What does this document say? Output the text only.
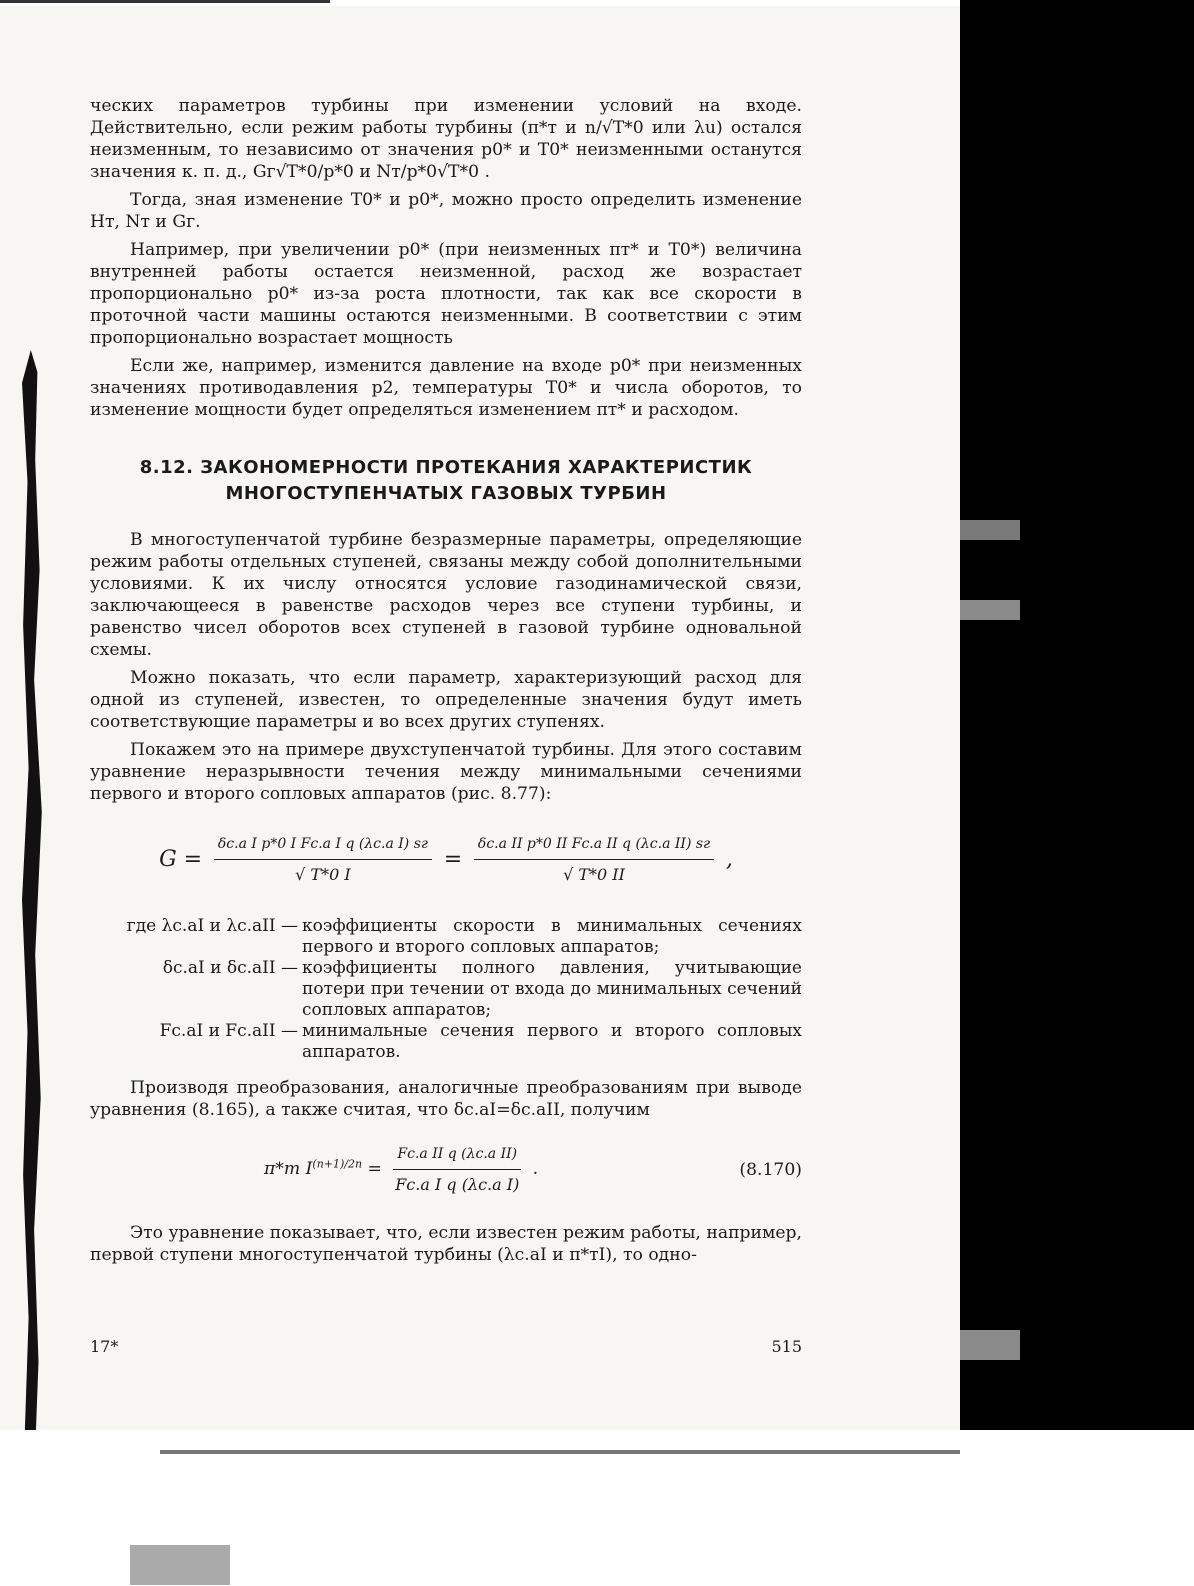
ческих параметров турбины при изменении условий на входе. Действительно, если режим работы турбины (π*т и n/√T*0 или λu) остался неизменным, то независимо от значения p0* и T0* неизменными останутся значения к. п. д., Gг√T*0/p*0 и Nт/p*0√T*0 .

Тогда, зная изменение T0* и p0*, можно просто определить изменение Hт, Nт и Gг.

Например, при увеличении p0* (при неизменных πт* и T0*) величина внутренней работы остается неизменной, расход же возрастает пропорционально p0* из-за роста плотности, так как все скорости в проточной части машины остаются неизменными. В соответствии с этим пропорционально возрастает мощность

Если же, например, изменится давление на входе p0* при неизменных значениях противодавления p2, температуры T0* и числа оборотов, то изменение мощности будет определяться изменением πт* и расходом.

8.12. ЗАКОНОМЕРНОСТИ ПРОТЕКАНИЯ ХАРАКТЕРИСТИК
МНОГОСТУПЕНЧАТЫХ ГАЗОВЫХ ТУРБИН

В многоступенчатой турбине безразмерные параметры, определяющие режим работы отдельных ступеней, связаны между собой дополнительными условиями. К их числу относятся условие газодинамической связи, заключающееся в равенстве расходов через все ступени турбины, и равенство чисел оборотов всех ступеней в газовой турбине одновальной схемы.

Можно показать, что если параметр, характеризующий расход для одной из ступеней, известен, то определенные значения будут иметь соответствующие параметры и во всех других ступенях.

Покажем это на примере двухступенчатой турбины. Для этого составим уравнение неразрывности течения между минимальными сечениями первого и второго сопловых аппаратов (рис. 8.77):

$G = \frac{\text{δc.a I p*0 I Fc.a I q (λc.a I) sг}}{√ T*0 I} = \frac{\text{δc.a II p*0 II Fc.a II q (λc.a II) sг}}{√ T*0 II}$ ,
где λc.aI и λc.aII — коэффициенты скорости в минимальных сечениях первого и второго сопловых аппаратов;
δc.aI и δc.aII — коэффициенты полного давления, учитывающие потери при течении от входа до минимальных сечений сопловых аппаратов;
Fc.aI и Fc.aII — минимальные сечения первого и второго сопловых аппаратов.

Производя преобразования, аналогичные преобразованиям при выводе уравнения (8.165), а также считая, что δc.aI=δc.aII, получим

π*т $I^{(n+1)/2n} = \frac{\text{Fc.a II q (λc.a II)}}{\text{Fc.a I q (λc.a I)}}$ .	(8.170)

Это уравнение показывает, что, если известен режим работы, например, первой ступени многоступенчатой турбины (λc.aI и π*тI), то одно-

17*	515
